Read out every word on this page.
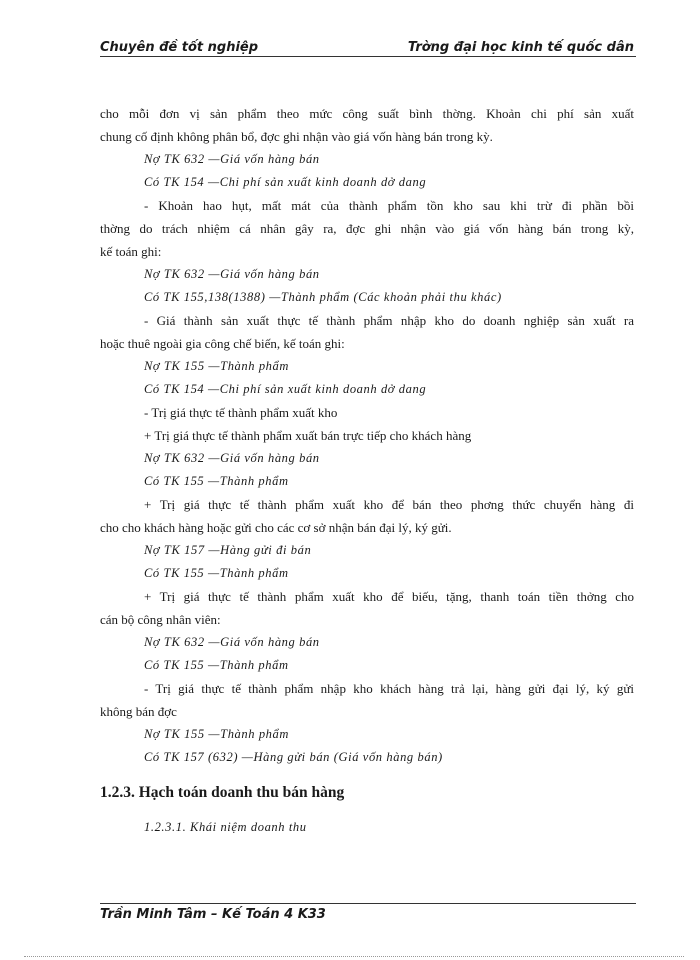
Chuyên đề tốt nghiệp	Trờng đại học kinh tế quốc dân
cho mỗi đơn vị sản phẩm theo mức công suất bình thờng. Khoản chi phí sản xuất
chung cố định không phân bổ, đợc ghi nhận vào giá vốn hàng bán trong kỳ.
Nợ TK 632 —Giá vốn hàng bán
Có TK 154 —Chi phí sản xuất kinh doanh dở dang
- Khoản hao hụt, mất mát của thành phẩm tồn kho sau khi trừ đi phần bồi
thờng do trách nhiệm cá nhân gây ra, đợc ghi nhận vào giá vốn hàng bán trong kỳ,
kế toán ghi:
Nợ TK 632 —Giá vốn hàng bán
Có TK 155,138(1388) —Thành phẩm (Các khoản phải thu khác)
- Giá thành sản xuất thực tế thành phẩm nhập kho do doanh nghiệp sản xuất ra
hoặc thuê ngoài gia công chế biến, kế toán ghi:
Nợ TK 155 —Thành phẩm
Có TK 154 —Chi phí sản xuất kinh doanh dở dang
- Trị giá thực tế thành phẩm xuất kho
+ Trị giá thực tế thành phẩm xuất bán trực tiếp cho khách hàng
Nợ TK 632 —Giá vốn hàng bán
Có TK 155 —Thành phẩm
+ Trị giá thực tế thành phẩm xuất kho để bán theo phơng thức chuyển hàng đi
cho cho khách hàng hoặc gửi cho các cơ sở nhận bán đại lý, ký gửi.
Nợ TK 157 —Hàng gửi đi bán
Có TK 155 —Thành phẩm
+ Trị giá thực tế thành phẩm xuất kho để biếu, tặng, thanh toán tiền thởng cho
cán bộ công nhân viên:
Nợ TK 632 —Giá vốn hàng bán
Có TK 155 —Thành phẩm
- Trị giá thực tế thành phẩm nhập kho khách hàng trả lại, hàng gửi đại lý, ký gửi
không bán đợc
Nợ TK 155 —Thành phẩm
Có TK 157 (632) —Hàng gửi bán (Giá vốn hàng bán)
1.2.3. Hạch toán doanh thu bán hàng
1.2.3.1. Khái niệm doanh thu
Trần Minh Tâm – Kế Toán 4 K33
